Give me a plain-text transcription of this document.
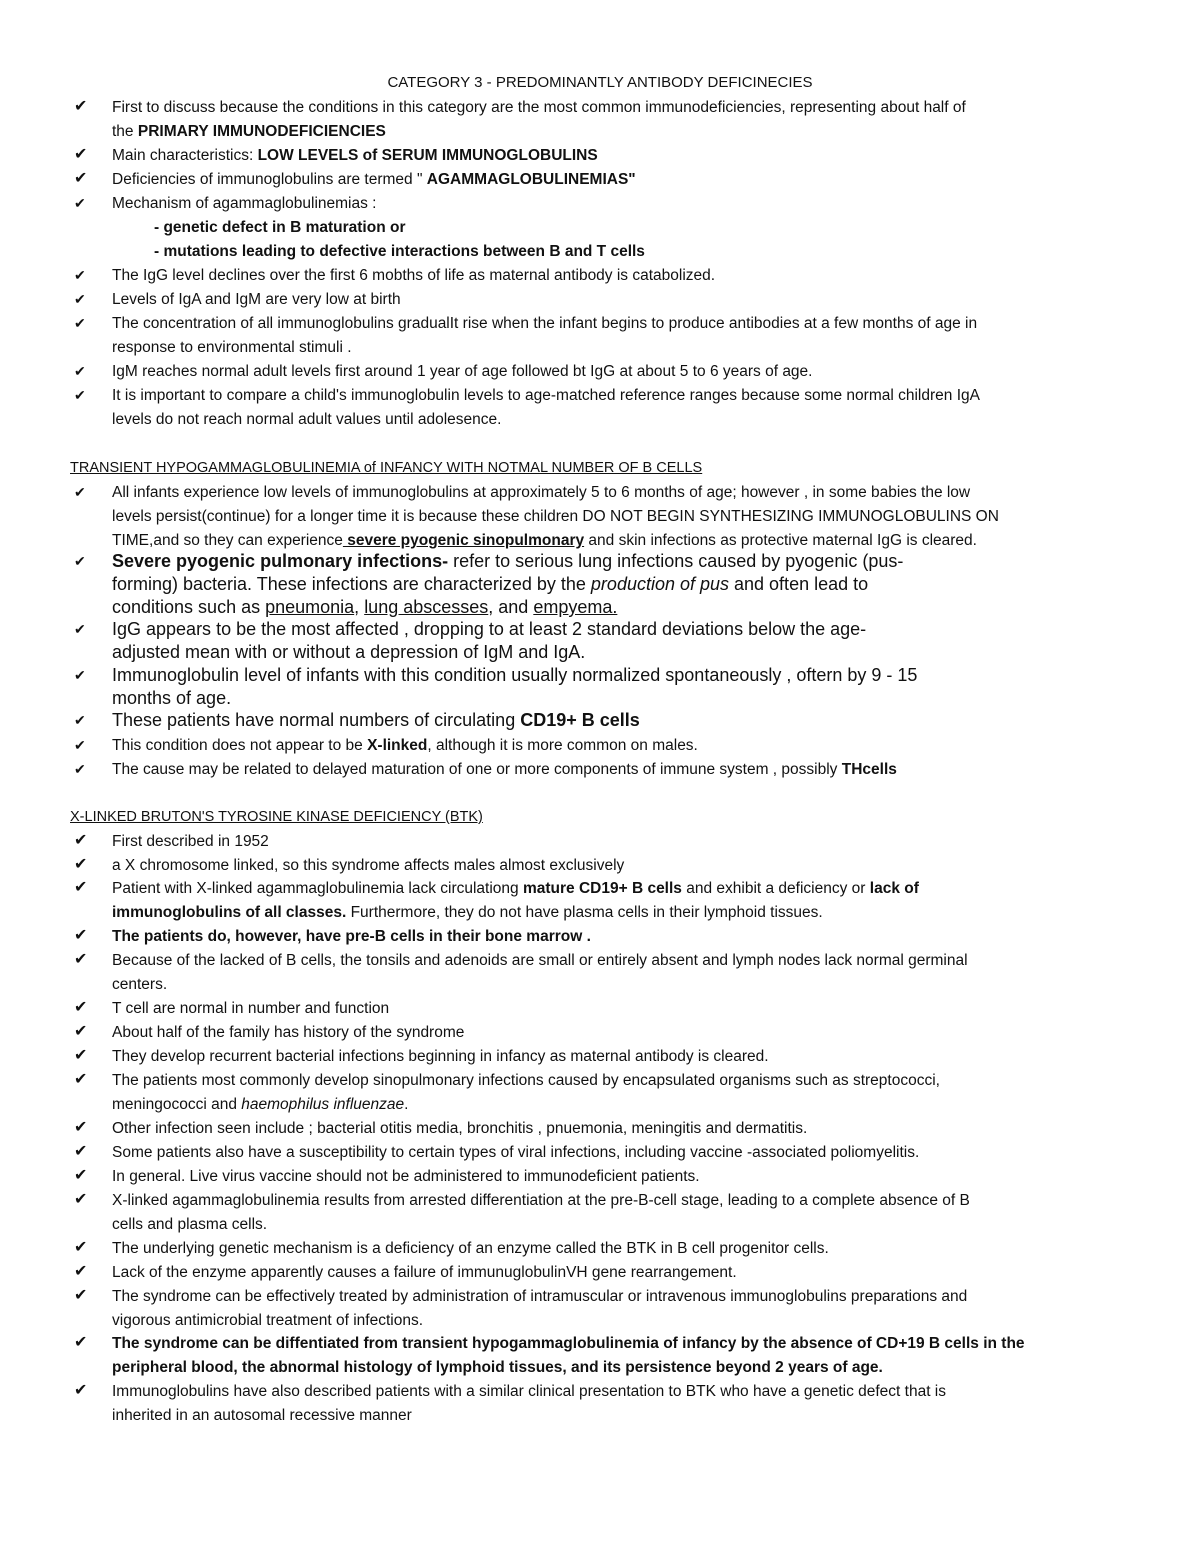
CATEGORY 3 - PREDOMINANTLY ANTIBODY DEFICINECIES
✔ First to discuss because the conditions in this category are the most common immunodeficiencies, representing about half of
the PRIMARY IMMUNODEFICIENCIES
✔ Main characteristics: LOW LEVELS of SERUM IMMUNOGLOBULINS
✔ Deficiencies of immunoglobulins are termed " AGAMMAGLOBULINEMIAS"
✔ Mechanism of agammaglobulinemias :
- genetic defect in B maturation or
- mutations leading to defective interactions between B and T cells
✔ The IgG level declines over the first 6 mobths of life as maternal antibody is catabolized.
✔ Levels of IgA and IgM are very low at birth
✔ The concentration of all immunoglobulins gradualIt rise when the infant begins to produce antibodies at a few months of age in
response to environmental stimuli .
✔ IgM reaches normal adult levels first around 1 year of age followed bt IgG at about 5 to 6 years of age.
✔ It is important to compare a child's immunoglobulin levels to age-matched reference ranges because some normal children IgA
levels do not reach normal adult values until adolesence.
TRANSIENT HYPOGAMMAGLOBULINEMIA of INFANCY WITH NOTMAL NUMBER OF B CELLS
✔ All infants experience low levels of immunoglobulins at approximately 5 to 6 months of age; however , in some babies the low
levels persist(continue) for a longer time it is because these children DO NOT BEGIN SYNTHESIZING IMMUNOGLOBULINS ON
TIME,and so they can experience severe pyogenic sinopulmonary and skin infections as protective maternal IgG is cleared.
✔ Severe pyogenic pulmonary infections- refer to serious lung infections caused by pyogenic (pus-
forming) bacteria. These infections are characterized by the production of pus and often lead to
conditions such as pneumonia, lung abscesses, and empyema.
✔ IgG appears to be the most affected , dropping to at least 2 standard deviations below the age-
adjusted mean with or without a depression of IgM and IgA.
✔ Immunoglobulin level of infants with this condition usually normalized spontaneously , oftern by 9 - 15
months of age.
✔ These patients have normal numbers of circulating CD19+ B cells
✔ This condition does not appear to be X-linked, although it is more common on males.
✔ The cause may be related to delayed maturation of one or more components of immune system , possibly THcells
X-LINKED BRUTON'S TYROSINE KINASE DEFICIENCY (BTK)
✔ First described in 1952
✔ a X chromosome linked, so this syndrome affects males almost exclusively
✔ Patient with X-linked agammaglobulinemia lack circulationg mature CD19+ B cells and exhibit a deficiency or lack of
immunoglobulins of all classes. Furthermore, they do not have plasma cells in their lymphoid tissues.
✔ The patients do, however, have pre-B cells in their bone marrow .
✔ Because of the lacked of B cells, the tonsils and adenoids are small or entirely absent and lymph nodes lack normal germinal
centers.
✔ T cell are normal in number and function
✔ About half of the family has history of the syndrome
✔ They develop recurrent bacterial infections beginning in infancy as maternal antibody is cleared.
✔ The patients most commonly develop sinopulmonary infections caused by encapsulated organisms such as streptococci,
meningococci and haemophilus influenzae.
✔ Other infection seen include ; bacterial otitis media, bronchitis , pnuemonia, meningitis and dermatitis.
✔ Some patients also have a susceptibility to certain types of viral infections, including vaccine -associated poliomyelitis.
✔ In general. Live virus vaccine should not be administered to immunodeficient patients.
✔ X-linked agammaglobulinemia results from arrested differentiation at the pre-B-cell stage, leading to a complete absence of B
cells and plasma cells.
✔ The underlying genetic mechanism is a deficiency of an enzyme called the BTK in B cell progenitor cells.
✔ Lack of the enzyme apparently causes a failure of immunuglobulinVH gene rearrangement.
✔ The syndrome can be effectively treated by administration of intramuscular or intravenous immunoglobulins preparations and
vigorous antimicrobial treatment of infections.
✔ The syndrome can be diffentiated from transient hypogammaglobulinemia of infancy by the absence of CD+19 B cells in the
peripheral blood, the abnormal histology of lymphoid tissues, and its persistence beyond 2 years of age.
✔ Immunoglobulins have also described patients with a similar clinical presentation to BTK who have a genetic defect that is
inherited in an autosomal recessive manner
